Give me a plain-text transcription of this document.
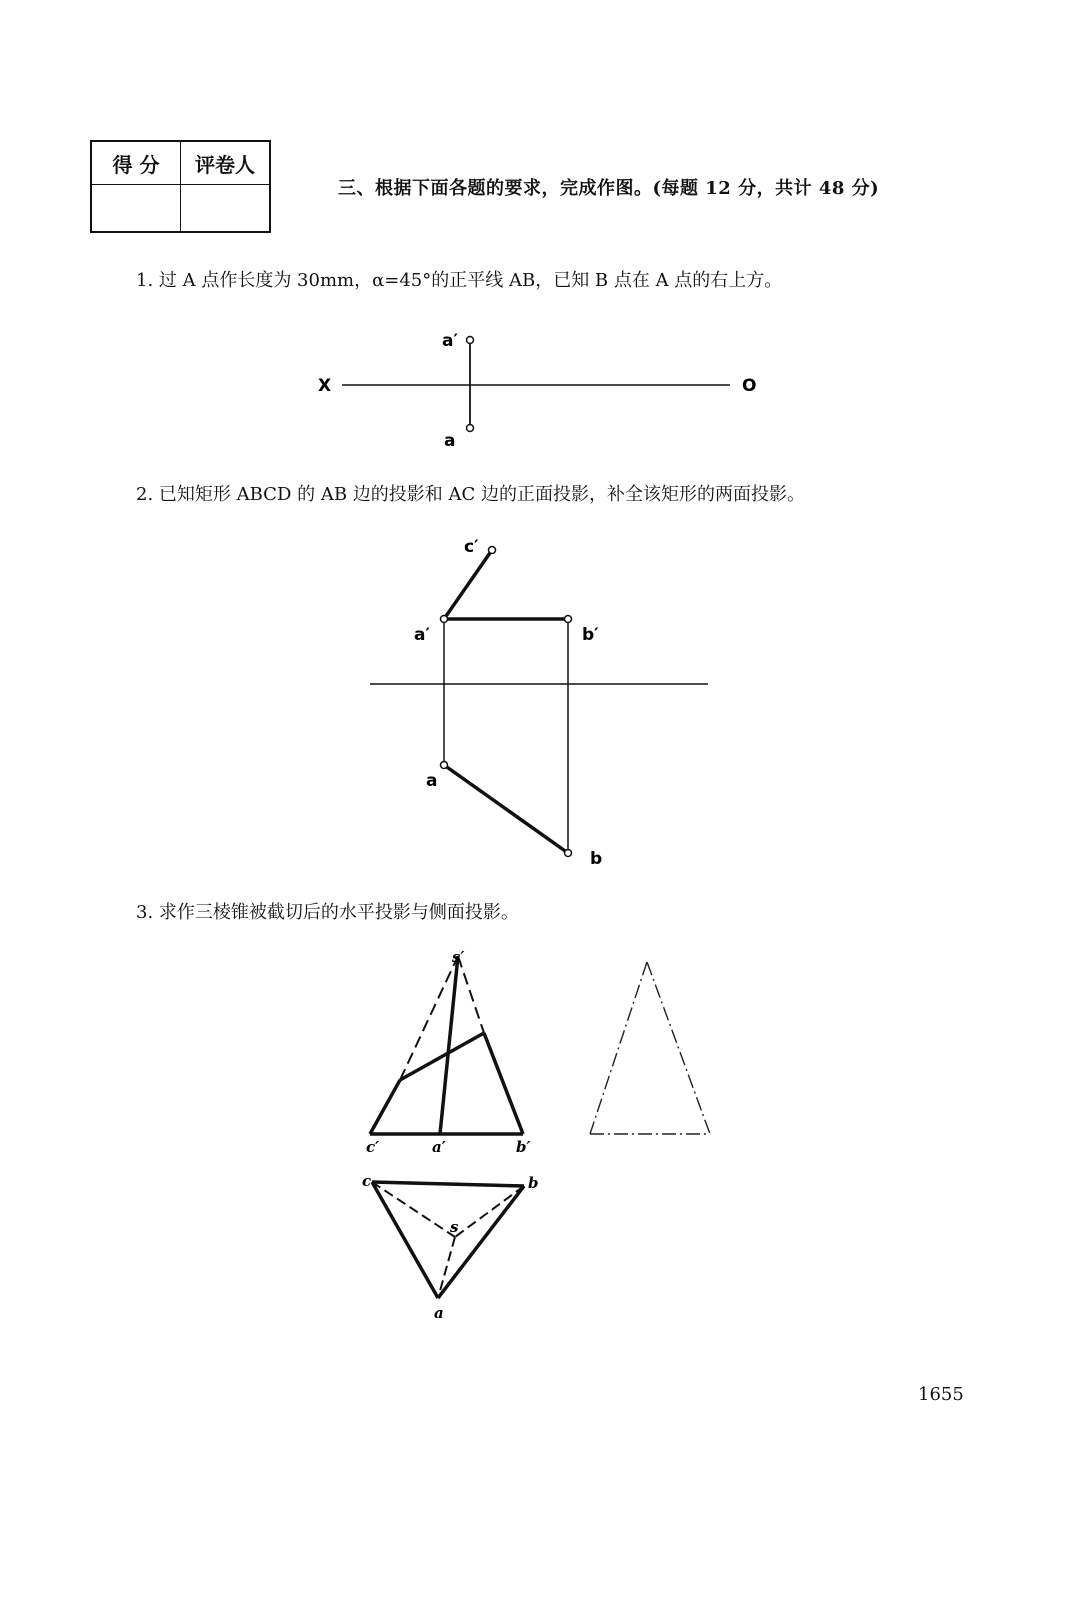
得 分	评卷人

三、根据下面各题的要求，完成作图。(每题 12 分，共计 48 分)
1. 过 A 点作长度为 30mm，α=45°的正平线 AB，已知 B 点在 A 点的右上方。
2. 已知矩形 ABCD 的 AB 边的投影和 AC 边的正面投影，补全该矩形的两面投影。
3. 求作三棱锥被截切后的水平投影与侧面投影。
X	O
a′
a
c′
a′	b′
a
b
s′
c′	a′	b′
c	b
s
a
1655
